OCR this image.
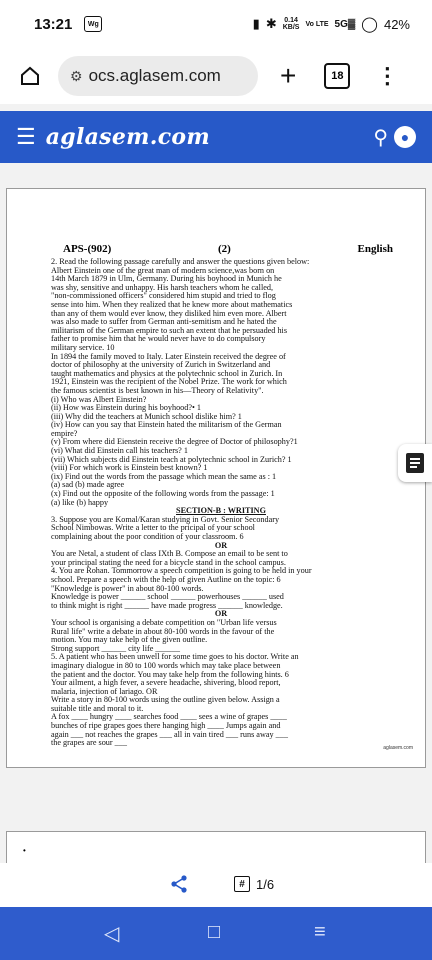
13:21	Wg	▮ ✱ 0.14
KB/S Vo LTE 5G▓ ◯ 42%
⚙ ocs.aglasem.com +	18	⋮
☰ aglasem.com	⚲ ●
APS-(902)	(2)	English
2. Read the following passage carefully and answer the questions given below:
Albert Einstein one of the great man of modern science,was born on
14th March 1879 in Ulm, Germany. During his boyhood in Munich he
was shy, sensitive and unhappy. His harsh teachers whom he called,
"non-commissioned officers" considered him stupid and tried to flog
sense into him. When they realized that he knew more about mathematics
than any of them would ever know, they disliked him even more. Albert
was also made to suffer from German anti-semitism and he hated the
militarism of the German empire to such an extent that he persuaded his
father to promise him that he would never have to do compulsory
military service. 10
In 1894 the family moved to Italy. Later Einstein received the degree of
doctor of philosophy at the university of Zurich in Switzerland and
taught mathematics and physics at the polytechnic school in Zurich. In
1921, Einstein was the recipient of the Nobel Prize. The work for which
the famous scientist is best known in his—Theory of Relativity".
(i) Who was Albert Einstein?
(ii) How was Einstein during his boyhood?• 1
(iii) Why did the teachers at Munich school dislike him? 1
(iv) How can you say that Einstein hated the militarism of the German
empire?
(v) From where did Eienstein receive the degree of Doctor of philosophy?1
(vi) What did Einstein call his teachers? 1
(vii) Which subjects did Einstein teach at polytechnic school in Zurich? 1
(viii) For which work is Einstein best known? 1
(ix) Find out the words from the passage which mean the same as : 1
(a) sad (b) made agree
(x) Find out the opposite of the following words from the passage: 1
(a) like (b) happy
SECTION-B : WRITING
3. Suppose you are Komal/Karan studying in Govt. Senior Secondary
School Nimbowas. Write a letter to the pricipal of your school
complaining about the poor condition of your classroom. 6
OR
You are Netal, a student of class IXth B. Compose an email to be sent to
your principal stating the need for a bicycle stand in the school campus.
4. You are Rohan. Tommorrow a speech competition is going to be held in your
school. Prepare a speech with the help of given Autline on the topic: 6
"Knowledge is power" in about 80-100 words.
Knowledge is power ______ school ______ powerhouses ______ used
to think might is right ______ have made progress ______ knowledge.
OR
Your school is organising a debate competition on "Urban life versus
Rural life" write a debate in about 80-100 words in the favour of the
motion. You may take help of the given outline.
Strong support ______ city life ______
5. A patient who has been unwell for some time goes to his doctor. Write an
imaginary dialogue in 80 to 100 words which may take place between
the patient and the doctor. You may take help from the following hints. 6
Your ailment, a high fever, a severe headache, shivering, blood report,
malaria, injection of lariago. OR
Write a story in 80-100 words using the outline given below. Assign a
suitable title and moral to it.
A fox ____ hungry ____ searches food ____ sees a wine of grapes ____
bunches of ripe grapes goes there hanging high ____ Jumps again and
again ___ not reaches the grapes ___ all in vain tired ___ runs away ___
the grapes are sour ___
aglasem.com
•
# 1/6
◁	□	≡
